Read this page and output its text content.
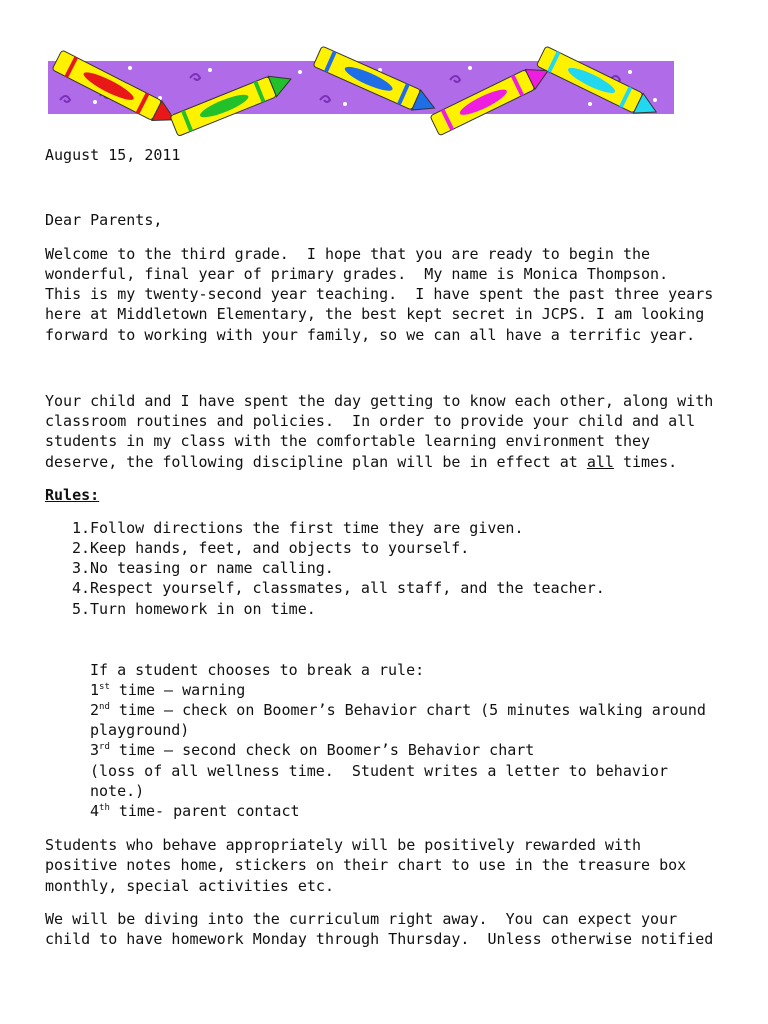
August 15, 2011
Dear Parents,
Welcome to the third grade.  I hope that you are ready to begin the
wonderful, final year of primary grades.  My name is Monica Thompson.
This is my twenty-second year teaching.  I have spent the past three years
here at Middletown Elementary, the best kept secret in JCPS. I am looking
forward to working with your family, so we can all have a terrific year.
Your child and I have spent the day getting to know each other, along with
classroom routines and policies.  In order to provide your child and all
students in my class with the comfortable learning environment they
deserve, the following discipline plan will be in effect at all times.
Rules:
1.Follow directions the first time they are given.
2.Keep hands, feet, and objects to yourself.
3.No teasing or name calling.
4.Respect yourself, classmates, all staff, and the teacher.
5.Turn homework in on time.
If a student chooses to break a rule:
1st time – warning
2nd time – check on Boomer’s Behavior chart (5 minutes walking around
playground)
3rd time – second check on Boomer’s Behavior chart
(loss of all wellness time.  Student writes a letter to behavior
note.)
4th time- parent contact
Students who behave appropriately will be positively rewarded with
positive notes home, stickers on their chart to use in the treasure box
monthly, special activities etc.
We will be diving into the curriculum right away.  You can expect your
child to have homework Monday through Thursday.  Unless otherwise notified
